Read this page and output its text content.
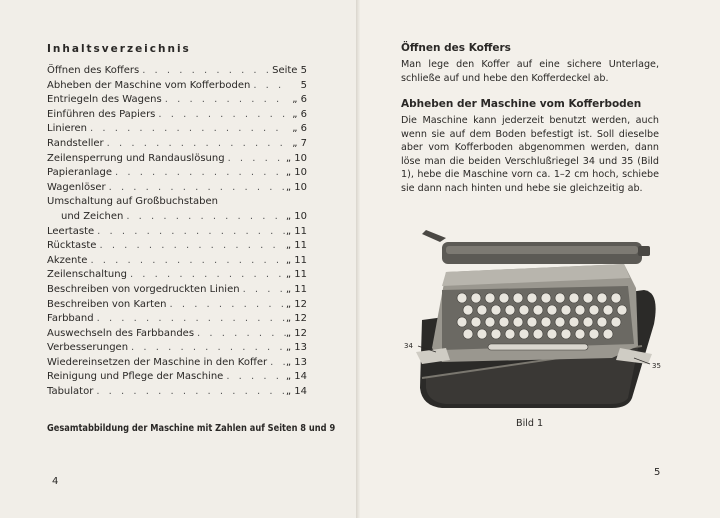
Inhaltsverzeichnis
Öffnen des Koffers . . .	Seite 5
Abheben der Maschine vom Kofferboden . . .	5
Entriegeln des Wagens . . .	„ 6
Einführen des Papiers . . .	„ 6
Linieren . . .	„ 6
Randsteller . . .	„ 7
Zeilensperrung und Randauslösung . . .	„ 10
Papieranlage . . .	„ 10
Wagenlöser . . .	„ 10
Umschaltung auf Großbuchstaben
und Zeichen . . .	„ 10
Leertaste . . .	„ 11
Rücktaste . . .	„ 11
Akzente . . .	„ 11
Zeilenschaltung . . .	„ 11
Beschreiben von vorgedruckten Linien . . .	„ 11
Beschreiben von Karten . . .	„ 12
Farbband . . .	„ 12
Auswechseln des Farbbandes . . .	„ 12
Verbesserungen . . .	„ 13
Wiedereinsetzen der Maschine in den Koffer . . . „ 13
Reinigung und Pflege der Maschine . . .	„ 14
Tabulator . . .	„ 14
Gesamtabbildung der Maschine mit Zahlen auf Seiten 8 und 9
4
Öffnen des Koffers
Man lege den Koffer auf eine sichere Unterlage, schließe auf und hebe den Kofferdeckel ab.
Abheben der Maschine vom Kofferboden
Die Maschine kann jederzeit benutzt werden, auch wenn sie auf dem Boden befestigt ist. Soll dieselbe aber vom Kofferboden abgenommen werden, dann löse man die beiden Verschlußriegel 34 und 35 (Bild 1), hebe die Maschine vorn ca. 1–2 cm hoch, schiebe sie dann nach hinten und hebe sie gleichzeitig ab.
34
35
Bild 1
5
